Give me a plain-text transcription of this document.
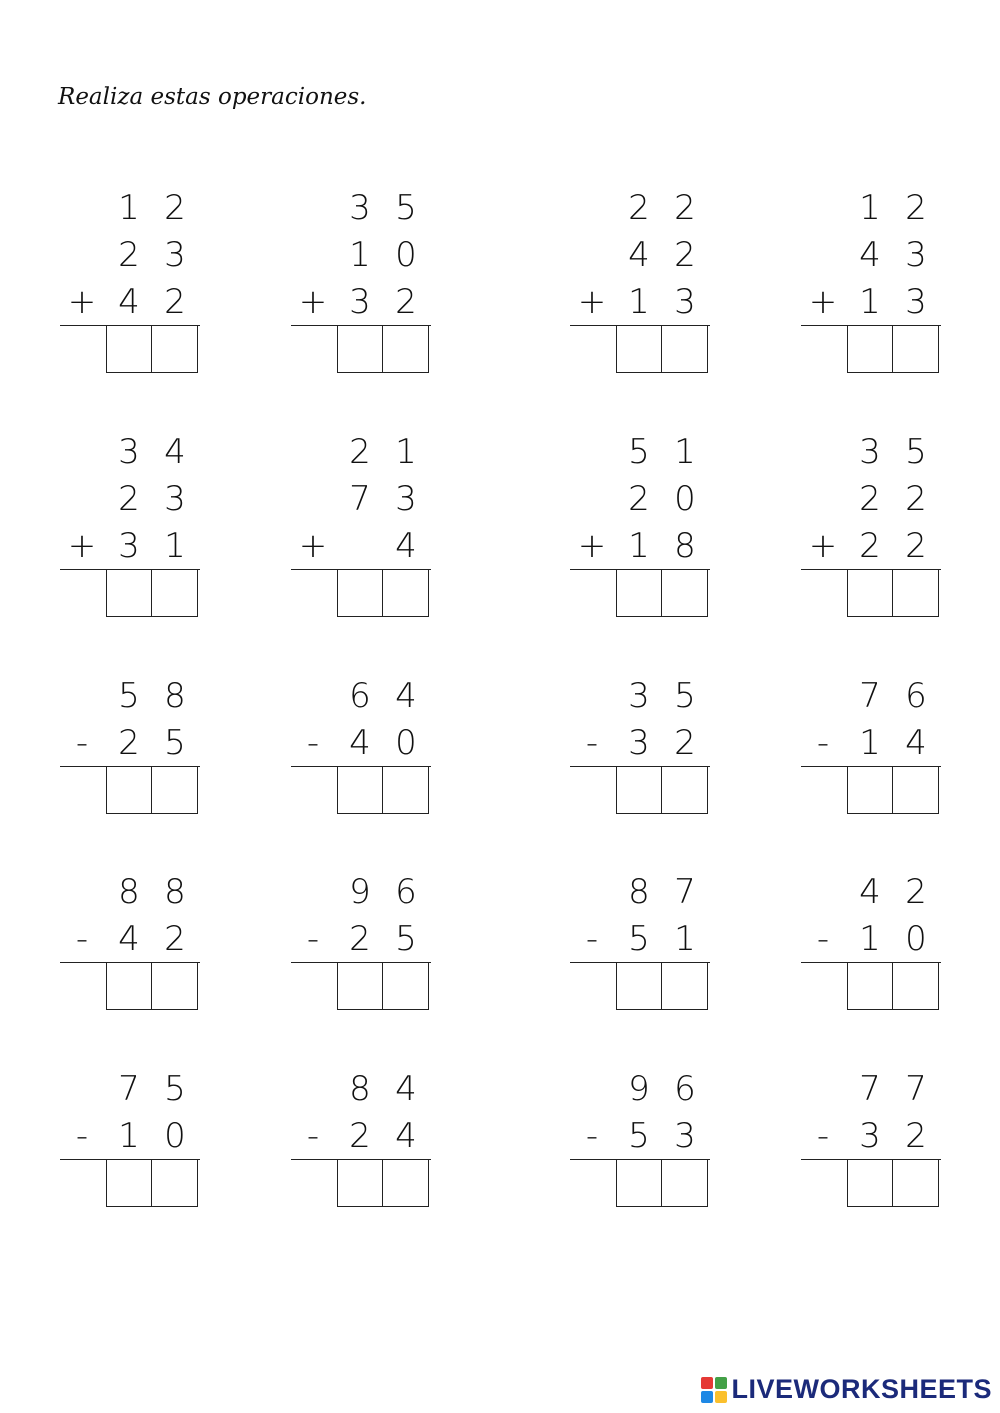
Realiza estas operaciones.

1 2
2 3
+ 4 2
3 5
1 0
+ 3 2
2 2
4 2
+ 1 3
1 2
4 3
+ 1 3
3 4
2 3
+ 3 1
2 1
7 3
+	4
5 1
2 0
+ 1 8
3 5
2 2
+ 2 2
5 8
- 2 5
6 4
- 4 0
3 5
- 3 2
7 6
- 1 4
8 8
- 4 2
9 6
- 2 5
8 7
- 5 1
4 2
- 1 0
7 5
- 1 0
8 4
- 2 4
9 6
- 5 3
7 7
- 3 2
LIVEWORKSHEETS
